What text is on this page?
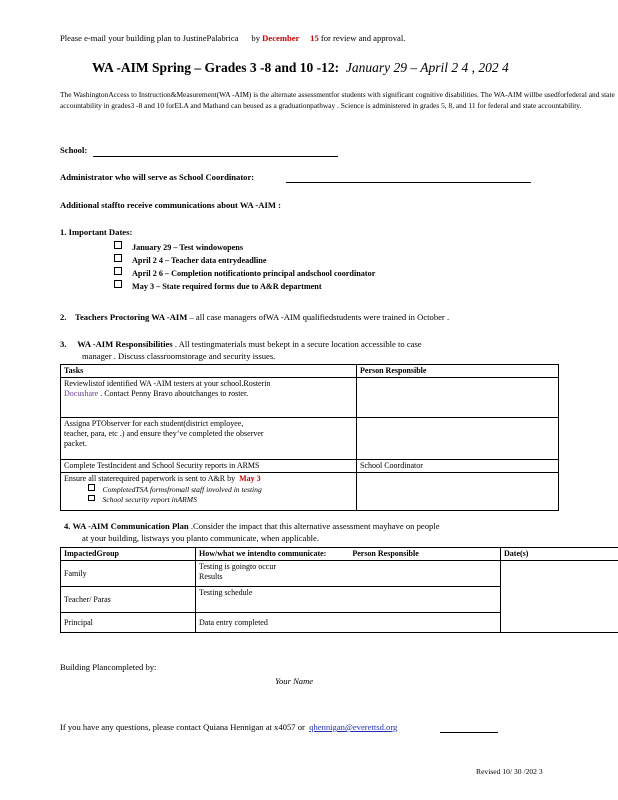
Please e-mail your building plan to JustinePalabrica      by December 15 for review and approval.
WA -AIM Spring – Grades 3 -8 and 10 -12: January 29 – April 2 4 , 202 4
The WashingtonAccess to Instruction&Measurement(WA -AIM) is the alternate assessmentfor students with significant cognitive disabilities. The WA-AIM willbe usedforfederal and state accountability in grades3 -8 and 10 forELA and Mathand can beused as a graduationpathway . Science is administered in grades 5, 8, and 11 for federal and state accountability.
School:
Administrator who will serve as School Coordinator:
Additional staffto receive communications about WA -AIM :
1. Important Dates:
January 29 – Test windowopens
April 2 4 – Teacher data entrydeadline
April 2 6 – Completion notificationto principal andschool coordinator
May 3 – State required forms due to A&R department
2. Teachers Proctoring WA -AIM – all case managers ofWA -AIM qualifiedstudents were trained in October .
3. WA -AIM Responsibilities . All testingmaterials must bekept in a secure location accessible to case
manager . Discuss classroomstorage and security issues.
Tasks	Person Responsible
Reviewlistof identified WA -AIM testers at your school.Rosterin
Docushare . Contact Penny Bravo aboutchanges to roster.	
Assigna PTObserver for each student(district employee,
teacher, para, etc .) and ensure they’ve completed the observer
packet.	
Complete TestIncident and School Security reports in ARMS	School Coordinator
Ensure all staterequired paperwork is sent to A&R by May 3
CompletedTSA formsfromall staff involved in testing
School security report inARMS	
4. WA -AIM Communication Plan .Consider the impact that this alternative assessment mayhave on people
at your building, listways you planto communicate, when applicable.
ImpactedGroup	How/what we intendto communicate: Person Responsible	Date(s)
Family	Testing is goingto occur
Results	
Teacher/ Paras	Testing schedule	
Principal	Data entry completed	
Building Plancompleted by:
Your Name
If you have any questions, please contact Quiana Hennigan at x4057 or qhennigan@everettsd.org
Revised 10/ 30 /202 3
